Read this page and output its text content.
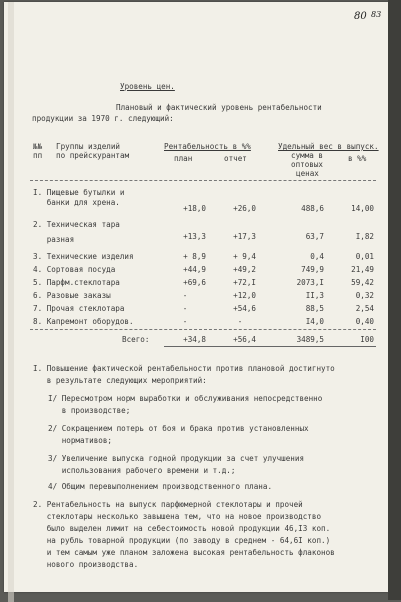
80 83
Уровень цен.
Плановый и фактический уровень рентабельности
продукции за 1970 г. следующий:
№№
пп
Группы изделий
по прейскурантам
Рентабельность в %%
план	отчет
Удельный вес в выпуск.
сумма в
оптовых
ценах
в %%
I. Пищевые бутылки и
банки для хрена.
+18,0	+26,0	488,6	14,00
2. Техническая тара
разная	+13,3	+17,3	63,7	I,82
3. Технические изделия	+ 8,9	+ 9,4	0,4	0,01
4. Сортовая посуда	+44,9	+49,2	749,9	21,49
5. Парфм.стеклотара	+69,6	+72,I	2073,I	59,42
6. Разовые заказы	-	+12,0	II,3	0,32
7. Прочая стеклотара	-	+54,6	88,5	2,54
8. Капремонт оборудов.	-	-	I4,0	0,40
Всего:	+34,8	+56,4	3489,5	I00
I. Повышение фактической рентабельности против плановой достигнуто
в результате следующих мероприятий:
I/ Пересмотром норм выработки и обслуживания непосредственно
в производстве;
2/ Сокращением потерь от боя и брака против установленных
нормативов;
3/ Увеличение выпуска годной продукции за счет улучшения
использования рабочего времени и т.д.;
4/ Общим перевыполнением производственного плана.
2. Рентабельность на выпуск парфюмерной стеклотары и прочей
стеклотары несколько завышена тем, что на новое производство
было выделен лимит на себестоимость новой продукции 46,I3 коп.
на рубль товарной продукции (по заводу в среднем - 64,6I коп.)
и тем самым уже планом заложена высокая рентабельность флаконов
нового производства.
